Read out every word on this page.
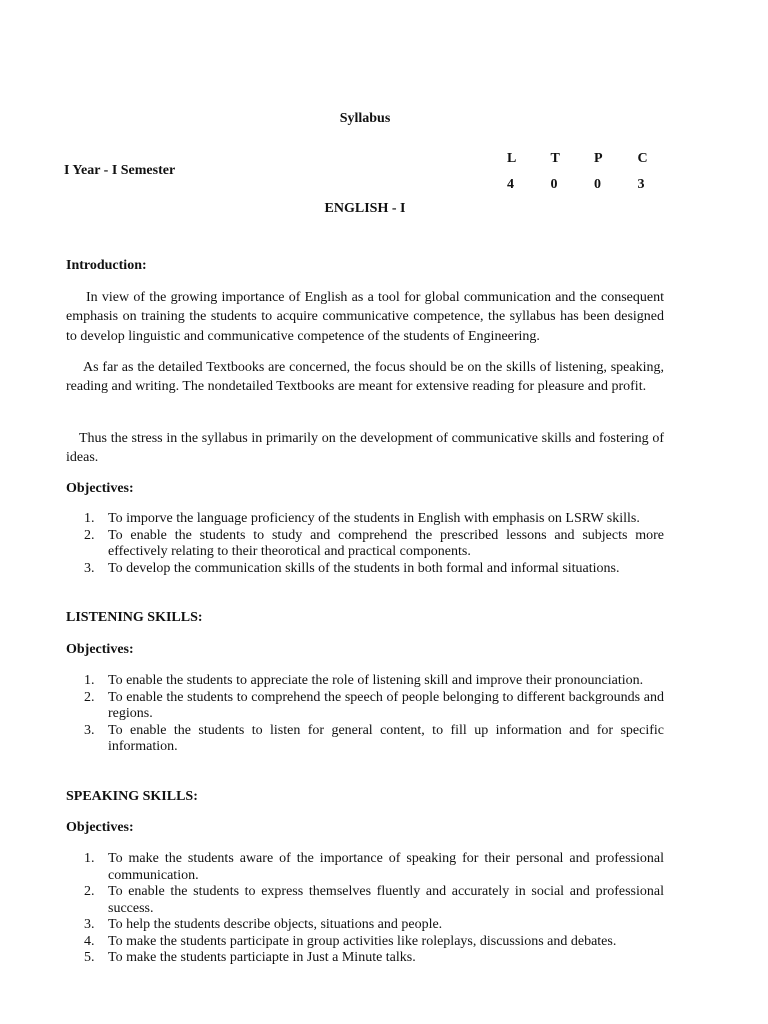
Syllabus
I Year - I Semester
L T P C
4	0	0	3
ENGLISH - I
Introduction:

In view of the growing importance of English as a tool for global communication and the consequent emphasis on training the students to acquire communicative competence, the syllabus has been designed to develop linguistic and communicative competence of the students of Engineering.

As far as the detailed Textbooks are concerned, the focus should be on the skills of listening, speaking, reading and writing. The nondetailed Textbooks are meant for extensive reading for pleasure and profit.

Thus the stress in the syllabus in primarily on the development of communicative skills and fostering of ideas.

Objectives:
1. To imporve the language proficiency of the students in English with emphasis on LSRW skills.
2. To enable the students to study and comprehend the prescribed lessons and subjects more effectively relating to their theorotical and practical components.
3. To develop the communication skills of the students in both formal and informal situations.
LISTENING SKILLS:
Objectives:
1. To enable the students to appreciate the role of listening skill and improve their pronounciation.
2. To enable the students to comprehend the speech of people belonging to different backgrounds and regions.
3. To enable the students to listen for general content, to fill up information and for specific information.
SPEAKING SKILLS:
Objectives:
1. To make the students aware of the importance of speaking for their personal and professional communication.
2. To enable the students to express themselves fluently and accurately in social and professional success.
3. To help the students describe objects, situations and people.
4. To make the students participate in group activities like roleplays, discussions and debates.
5. To make the students particiapte in Just a Minute talks.
